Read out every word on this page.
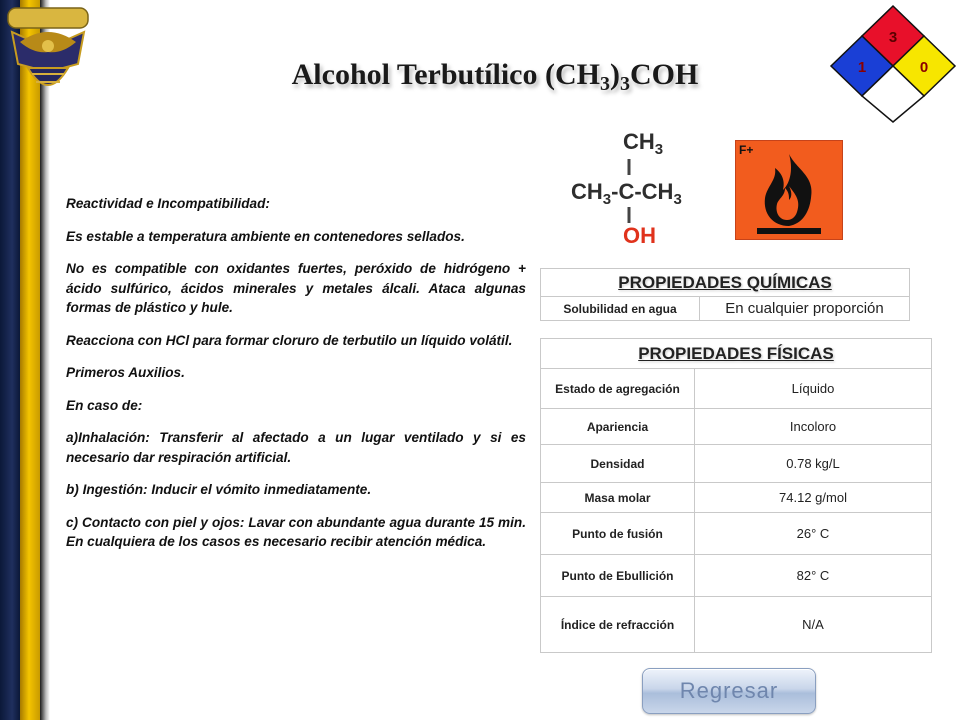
Alcohol Terbutílico $(CH_3)_3COH$
3
1	0
$CH_3$
$CH_3-C-CH_3$
OH
F+

Reactividad e Incompatibilidad:

Es estable a temperatura ambiente en contenedores sellados.

No es compatible con oxidantes fuertes, peróxido de hidrógeno + ácido sulfúrico, ácidos minerales y metales álcali. Ataca algunas formas de plástico y hule.

Reacciona con HCl para formar cloruro de terbutilo un líquido volátil.

Primeros Auxilios.

En caso de:

a)Inhalación: Transferir al afectado a un lugar ventilado y si es necesario dar respiración artificial.

b) Ingestión: Inducir el vómito inmediatamente.

c) Contacto con piel y ojos: Lavar con abundante agua durante 15 min. En cualquiera de los casos es necesario recibir atención médica.

PROPIEDADES QUÍMICAS
Solubilidad en agua	En cualquier proporción
PROPIEDADES FÍSICAS	
Estado de agregación	Líquido
Apariencia	Incoloro
Densidad	0.78 kg/L
Masa molar	74.12 g/mol
Punto de fusión	26° C
Punto de Ebullición	82° C
Índice de refracción	N/A
Regresar
